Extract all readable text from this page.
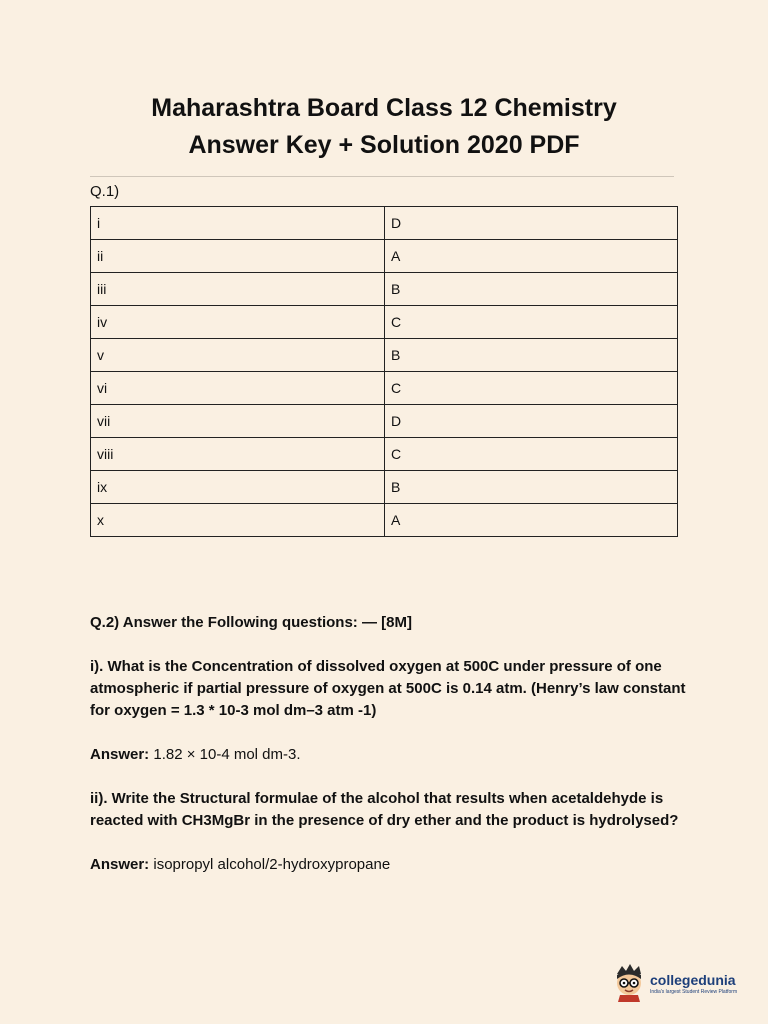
Maharashtra Board Class 12 Chemistry
Answer Key + Solution 2020 PDF
Q.1)
i	D
ii	A
iii	B
iv	C
v	B
vi	C
vii	D
viii	C
ix	B
x	A

Q.2) Answer the Following questions: — [8M]

i). What is the Concentration of dissolved oxygen at 500C under pressure of one atmospheric if partial pressure of oxygen at 500C is 0.14 atm. (Henry’s law constant for oxygen = 1.3 * 10-3 mol dm–3 atm -1)

Answer: 1.82 × 10-4 mol dm-3.

ii). Write the Structural formulae of the alcohol that results when acetaldehyde is reacted with CH3MgBr in the presence of dry ether and the product is hydrolysed?

Answer: isopropyl alcohol/2-hydroxypropane

collegedunia
India's largest Student Review Platform
